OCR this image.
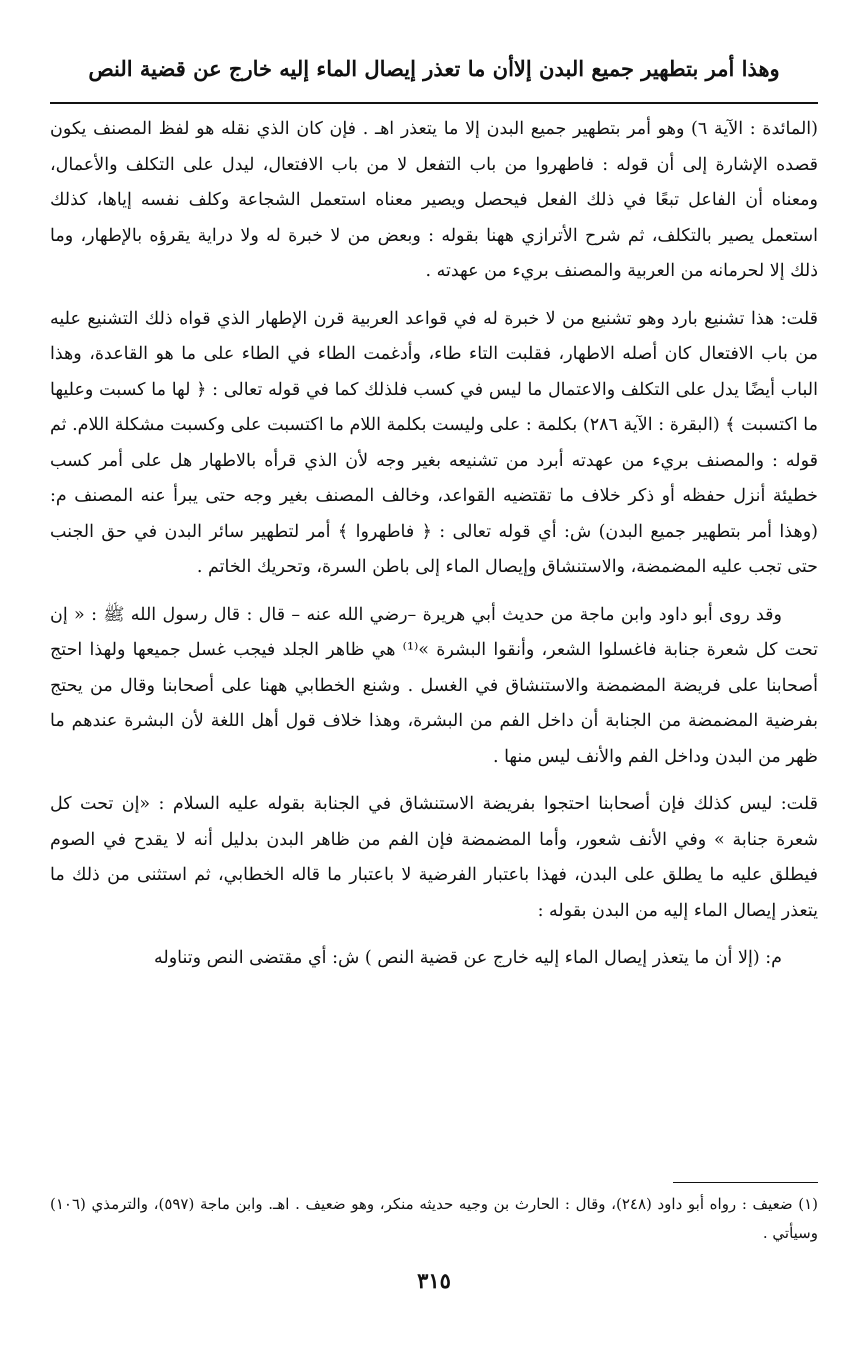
وهذا أمر بتطهير جميع البدن إلاأن ما تعذر إيصال الماء إليه خارج عن قضية النص

(المائدة : الآية ٦) وهو أمر بتطهير جميع البدن إلا ما يتعذر اهـ . فإن كان الذي نقله هو لفظ المصنف يكون قصده الإشارة إلى أن قوله : فاطهروا من باب التفعل لا من باب الافتعال، ليدل على التكلف والأعمال، ومعناه أن الفاعل تبعًا في ذلك الفعل فيحصل ويصير معناه استعمل الشجاعة وكلف نفسه إياها، كذلك استعمل يصير بالتكلف، ثم شرح الأترازي ههنا بقوله : وبعض من لا خبرة له ولا دراية يقرؤه بالإطهار، وما ذلك إلا لحرمانه من العربية والمصنف بريء من عهدته .

قلت: هذا تشنيع بارد وهو تشنيع من لا خبرة له في قواعد العربية قرن الإطهار الذي قواه ذلك التشنيع عليه من باب الافتعال كان أصله الاطهار، فقلبت التاء طاء، وأدغمت الطاء في الطاء على ما هو القاعدة، وهذا الباب أيضًا يدل على التكلف والاعتمال ما ليس في كسب فلذلك كما في قوله تعالى : ﴿ لها ما كسبت وعليها ما اكتسبت ﴾ (البقرة : الآية ٢٨٦) بكلمة : على وليست بكلمة اللام ما اكتسبت على وكسبت مشكلة اللام. ثم قوله : والمصنف بريء من عهدته أبرد من تشنيعه بغير وجه لأن الذي قرأه بالاطهار هل على أمر كسب خطيئة أنزل حفظه أو ذكر خلاف ما تقتضيه القواعد، وخالف المصنف بغير وجه حتى يبرأ عنه المصنف م: (وهذا أمر بتطهير جميع البدن) ش: أي قوله تعالى : ﴿ فاطهروا ﴾ أمر لتطهير سائر البدن في حق الجنب حتى تجب عليه المضمضة، والاستنشاق وإيصال الماء إلى باطن السرة، وتحريك الخاتم .

وقد روى أبو داود وابن ماجة من حديث أبي هريرة –رضي الله عنه – قال : قال رسول الله ﷺ : « إن تحت كل شعرة جنابة فاغسلوا الشعر، وأنقوا البشرة »⁽¹⁾ هي ظاهر الجلد فيجب غسل جميعها ولهذا احتج أصحابنا على فريضة المضمضة والاستنشاق في الغسل . وشنع الخطابي ههنا على أصحابنا وقال من يحتج بفرضية المضمضة من الجنابة أن داخل الفم من البشرة، وهذا خلاف قول أهل اللغة لأن البشرة عندهم ما ظهر من البدن وداخل الفم والأنف ليس منها .

قلت: ليس كذلك فإن أصحابنا احتجوا بفريضة الاستنشاق في الجنابة بقوله عليه السلام : «إن تحت كل شعرة جنابة » وفي الأنف شعور، وأما المضمضة فإن الفم من ظاهر البدن بدليل أنه لا يقدح في الصوم فيطلق عليه ما يطلق على البدن، فهذا باعتبار الفرضية لا باعتبار ما قاله الخطابي، ثم استثنى من ذلك ما يتعذر إيصال الماء إليه من البدن بقوله :

م: (إلا أن ما يتعذر إيصال الماء إليه خارج عن قضية النص ) ش: أي مقتضى النص وتناوله

(١) ضعيف : رواه أبو داود (٢٤٨)، وقال : الحارث بن وجيه حديثه منكر، وهو ضعيف . اهـ. وابن ماجة (٥٩٧)، والترمذي (١٠٦) وسيأتي .

٣١٥
